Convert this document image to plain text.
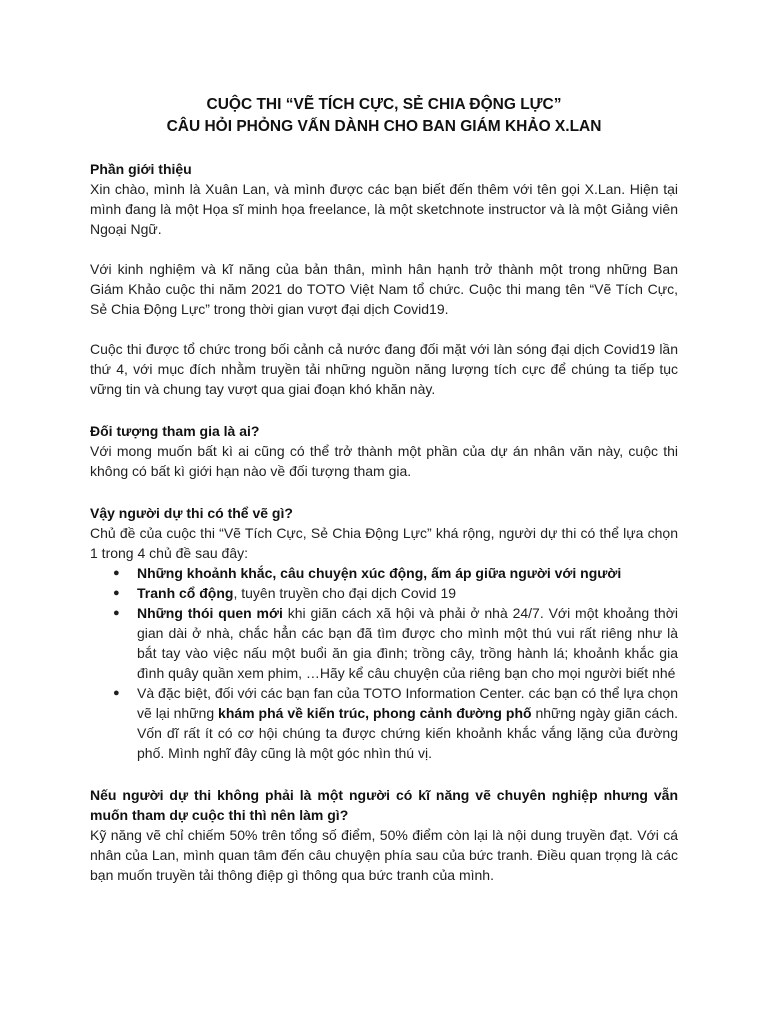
CUỘC THI “VẼ TÍCH CỰC, SẺ CHIA ĐỘNG LỰC”
CÂU HỎI PHỎNG VẤN DÀNH CHO BAN GIÁM KHẢO X.LAN

Phần giới thiệu

Xin chào, mình là Xuân Lan, và mình được các bạn biết đến thêm với tên gọi X.Lan. Hiện tại mình đang là một Họa sĩ minh họa freelance, là một sketchnote instructor và là một Giảng viên Ngoại Ngữ.

Với kinh nghiệm và kĩ năng của bản thân, mình hân hạnh trở thành một trong những Ban Giám Khảo cuộc thi năm 2021 do TOTO Việt Nam tổ chức. Cuộc thi mang tên “Vẽ Tích Cực, Sẻ Chia Động Lực” trong thời gian vượt đại dịch Covid19.

Cuộc thi được tổ chức trong bối cảnh cả nước đang đối mặt với làn sóng đại dịch Covid19 lần thứ 4, với mục đích nhằm truyền tải những nguồn năng lượng tích cực để chúng ta tiếp tục vững tin và chung tay vượt qua giai đoạn khó khăn này.

Đối tượng tham gia là ai?

Với mong muốn bất kì ai cũng có thể trở thành một phần của dự án nhân văn này, cuộc thi không có bất kì giới hạn nào về đối tượng tham gia.

Vậy người dự thi có thể vẽ gì?

Chủ đề của cuộc thi “Vẽ Tích Cực, Sẻ Chia Động Lực” khá rộng, người dự thi có thể lựa chọn 1 trong 4 chủ đề sau đây:

● Những khoảnh khắc, câu chuyện xúc động, ấm áp giữa người với người
● Tranh cổ động, tuyên truyền cho đại dịch Covid 19
● Những thói quen mới khi giãn cách xã hội và phải ở nhà 24/7. Với một khoảng thời gian dài ở nhà, chắc hẳn các bạn đã tìm được cho mình một thú vui rất riêng như là bắt tay vào việc nấu một buổi ăn gia đình; trồng cây, trồng hành lá; khoảnh khắc gia đình quây quần xem phim, …Hãy kể câu chuyện của riêng bạn cho mọi người biết nhé
● Và đặc biệt, đối với các bạn fan của TOTO Information Center. các bạn có thể lựa chọn vẽ lại những khám phá về kiến trúc, phong cảnh đường phố những ngày giãn cách. Vốn dĩ rất ít có cơ hội chúng ta được chứng kiến khoảnh khắc vắng lặng của đường phố. Mình nghĩ đây cũng là một góc nhìn thú vị.

Nếu người dự thi không phải là một người có kĩ năng vẽ chuyên nghiệp nhưng vẫn muốn tham dự cuộc thi thì nên làm gì?

Kỹ năng vẽ chỉ chiếm 50% trên tổng số điểm, 50% điểm còn lại là nội dung truyền đạt. Với cá nhân của Lan, mình quan tâm đến câu chuyện phía sau của bức tranh. Điều quan trọng là các bạn muốn truyền tải thông điệp gì thông qua bức tranh của mình.
